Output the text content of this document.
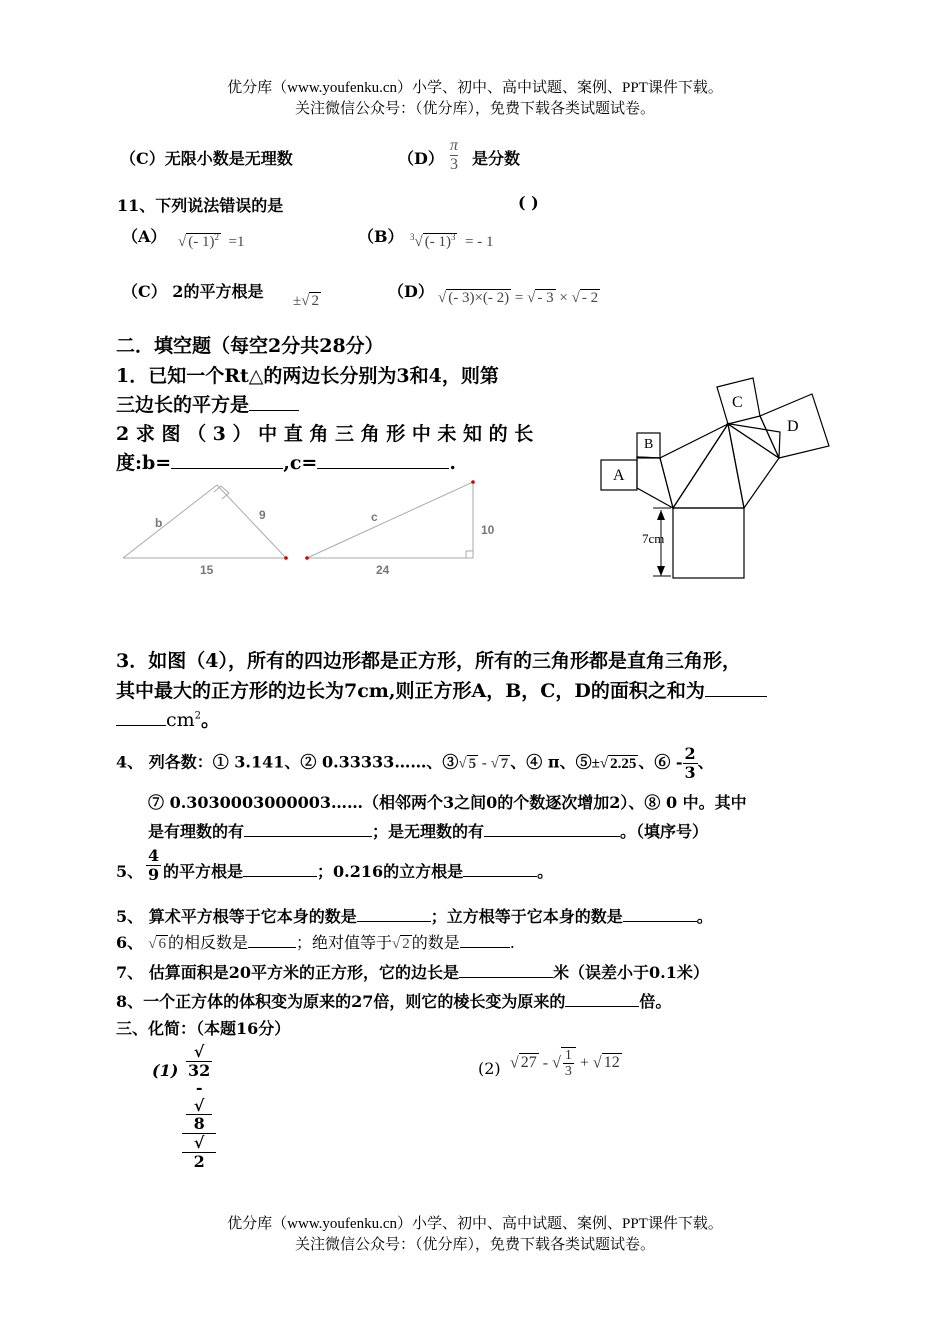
优分库（www.youfenku.cn）小学、初中、高中试题、案例、PPT课件下载。
关注微信公众号：（优分库），免费下载各类试题试卷。
（C）无限小数是无理数	$(D) \frac{\pi}{3}$ 是分数
11、下列说法错误的是	( )
（A） √ (- 1)$^2$ =1	（B） $^3$√ (- 1)$^3$ = - 1
（C） 2的平方根是 ±√ 2	（D） √ (- 3)×(- 2) = √ - 3 × √ - 2
二．填空题（每空2分共28分）
1．已知一个Rt△的两边长分别为3和4，则第
三边长的平方是
2 求 图 （ 3 ） 中 直 角 三 角 形 中 未 知 的 长
度:b=	,c=	.
b
9
15
c
10
24
A
B
C
D
7cm
3．如图（4），所有的四边形都是正方形，所有的三角形都是直角三角形，
其中最大的正方形的边长为7cm,则正方形A，B，C，D的面积之和为
$cm^2$。
4、 列各数：① 3.141、② 0.33333……、③√ 5 - √ 7 、④ π、⑤±√ 2.25 、⑥ - $\frac{2}{3}$ 、
⑦ 0.3030003000003……（相邻两个3之间0的个数逐次增加2）、⑧ 0 中。其中
是有理数的有	；是无理数的有	。（填序号）
5、 $\frac{4}{9}$ 的平方根是	；0.216的立方根是	。
5、 算术平方根等于它本身的数是	；立方根等于它本身的数是	。
6、 √ 6 的相反数是	；绝对值等于√ 2 的数是	.
7、 估算面积是20平方米的正方形，它的边长是	米（误差小于0.1米）
8、一个正方体的体积变为原来的27倍，则它的棱长变为原来的	倍。
三、化简：（本题16分）
(1) √
32
-
√
8
√
2	(2) √ 27 - √ $\frac{1}{3}$ + √ 12
优分库（www.youfenku.cn）小学、初中、高中试题、案例、PPT课件下载。
关注微信公众号：（优分库），免费下载各类试题试卷。
